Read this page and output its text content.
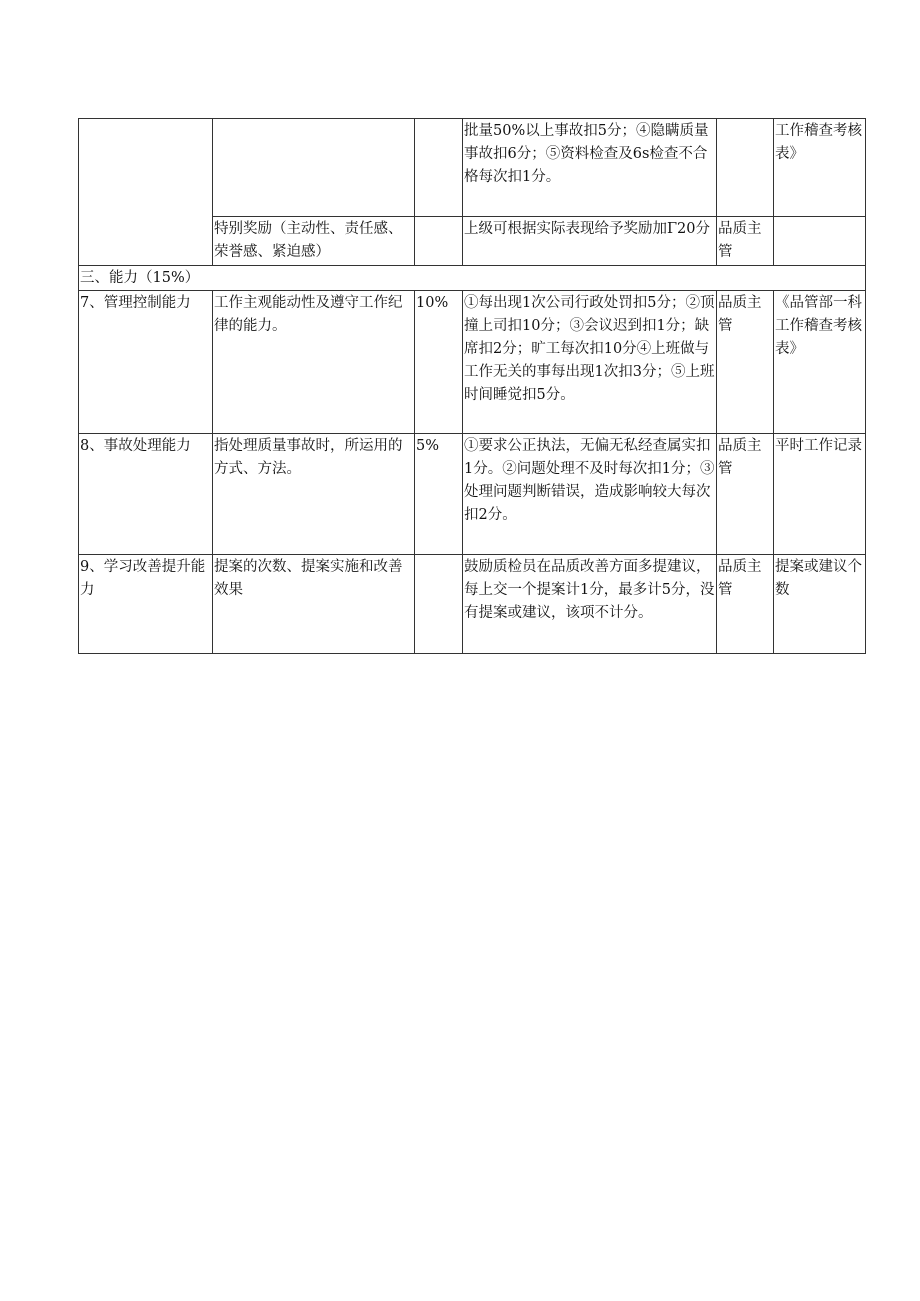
			批量50%以上事故扣5分；④隐瞒质量事故扣6分；⑤资料检查及6s检查不合格每次扣1分。		工作稽查考核表》
	特别奖励（主动性、责任感、荣誉感、紧迫感）		上级可根据实际表现给予奖励加Γ20分	品质主管	
三、能力（15%）					
7、管理控制能力	工作主观能动性及遵守工作纪律的能力。	10%	①每出现1次公司行政处罚扣5分；②顶撞上司扣10分；③会议迟到扣1分；缺席扣2分；旷工每次扣10分④上班做与工作无关的事每出现1次扣3分；⑤上班时间睡觉扣5分。	品质主管	《品管部一科工作稽查考核表》
8、事故处理能力	指处理质量事故时，所运用的方式、方法。	5%	①要求公正执法，无偏无私经查属实扣1分。②问题处理不及时每次扣1分；③处理问题判断错误，造成影响较大每次扣2分。	品质主管	平时工作记录
9、学习改善提升能力	提案的次数、提案实施和改善效果		鼓励质检员在品质改善方面多提建议，每上交一个提案计1分，最多计5分，没有提案或建议，该项不计分。	品质主管	提案或建议个数
